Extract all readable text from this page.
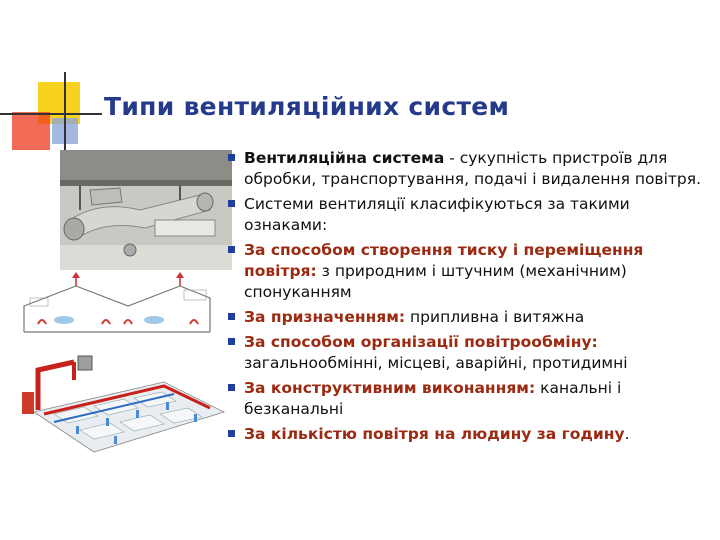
Типи вентиляційних систем
Вентиляційна система - сукупність пристроїв для обробки, транспортування, подачі і видалення повітря.
Системи вентиляції класифікуються за такими ознаками:
За способом створення тиску і переміщення повітря: з природним і штучним (механічним) спонуканням
За призначенням: припливна і витяжна
За способом організації повітрообміну: загальнообмінні, місцеві, аварійні, протидимні
За конструктивним виконанням: канальні і безканальні
За кількістю повітря на людину за годину.
